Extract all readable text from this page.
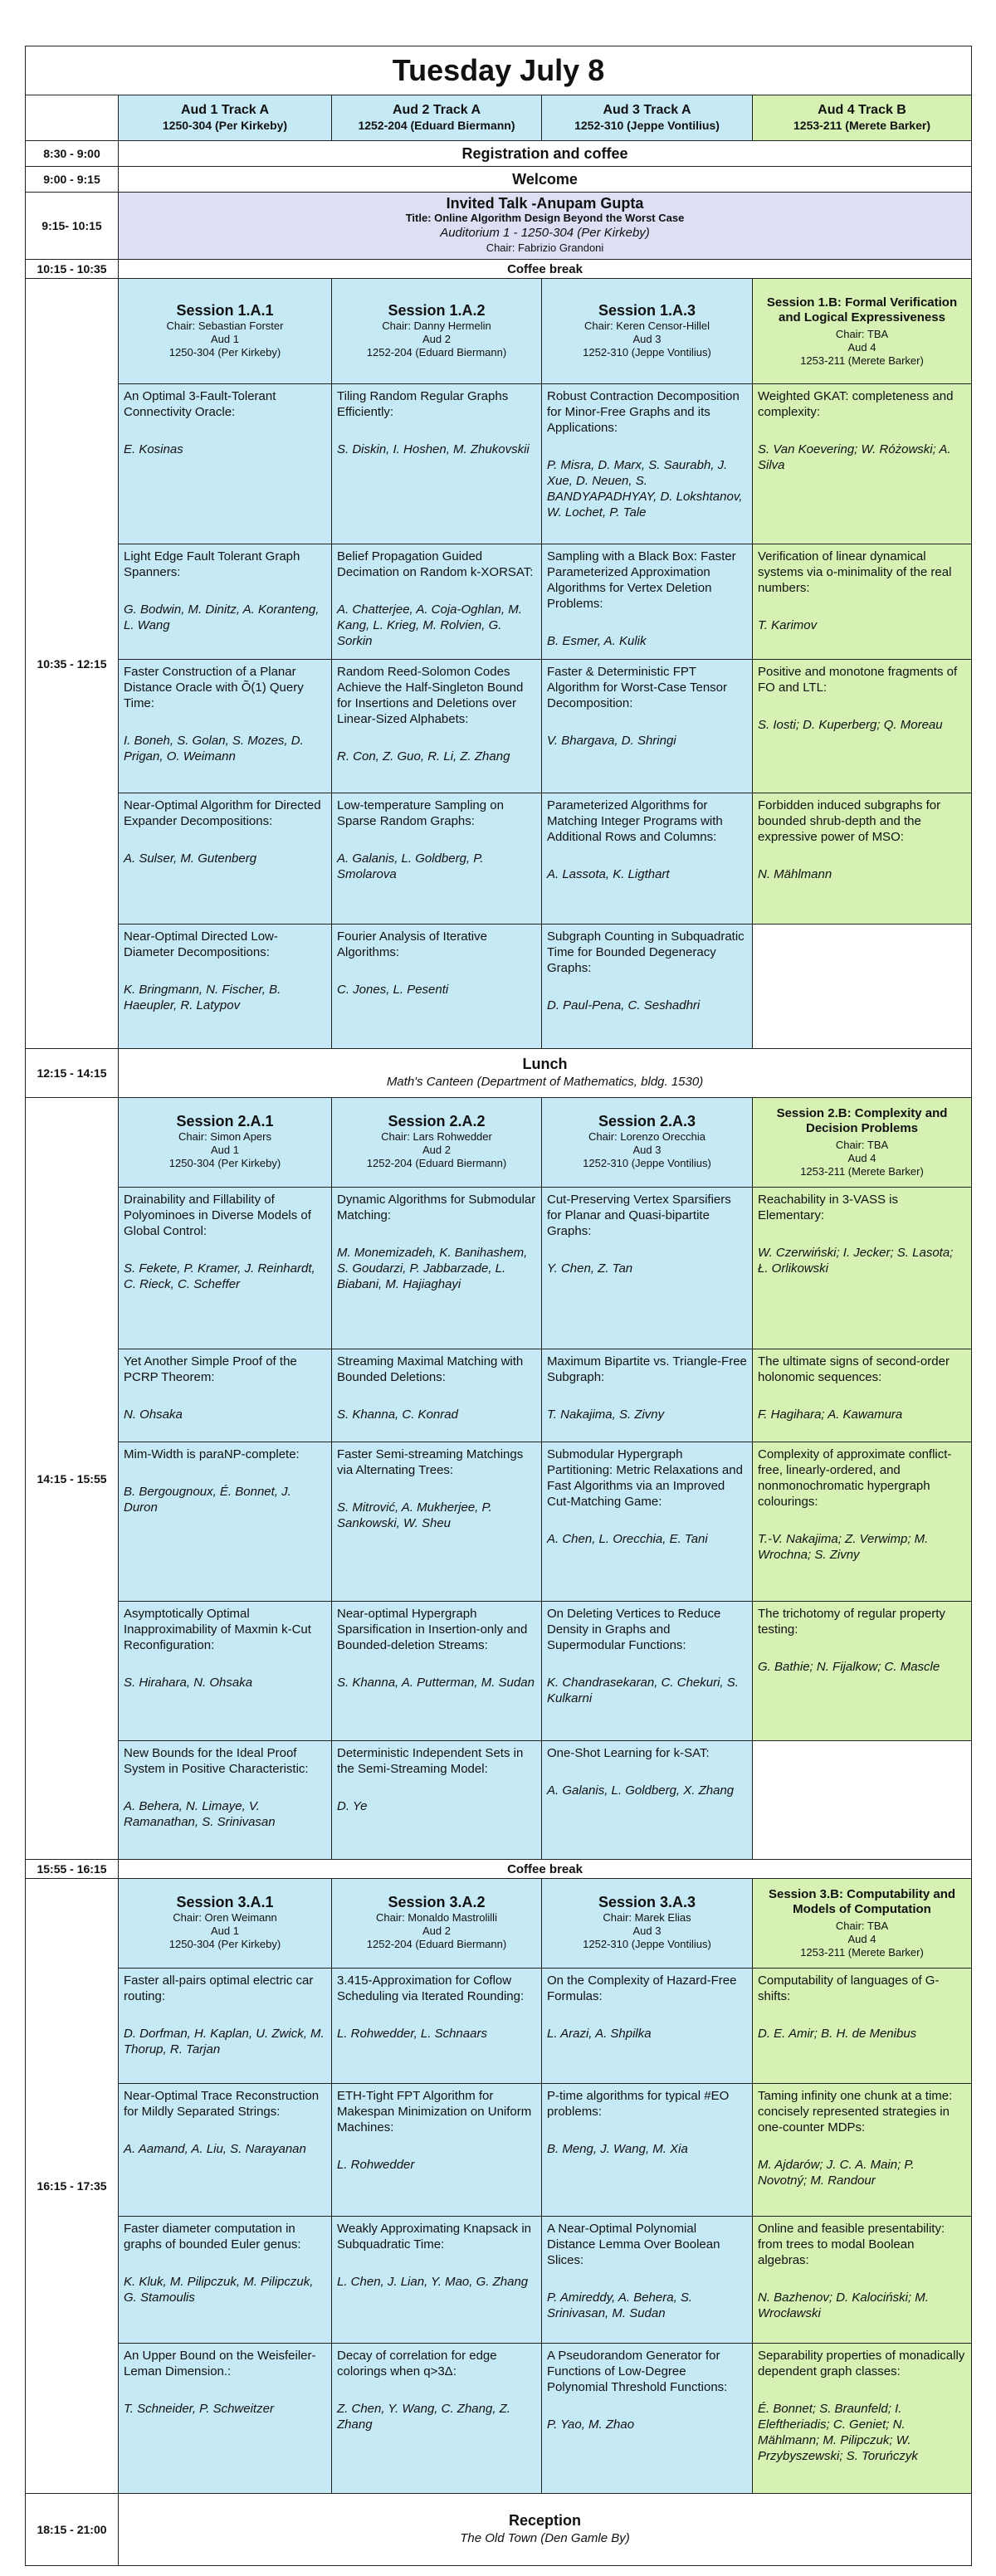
Tuesday July 8				
	Aud 1 Track A
1250-304 (Per Kirkeby)	Aud 2 Track A
1252-204 (Eduard Biermann)	Aud 3 Track A
1252-310 (Jeppe Vontilius)	Aud 4 Track B
1253-211 (Merete Barker)

8:30 - 9:00	Registration and coffee			
9:00 - 9:15	Welcome			
9:15- 10:15	Invited Talk -Anupam Gupta
Title: Online Algorithm Design Beyond the Worst Case
Auditorium 1 - 1250-304 (Per Kirkeby)
Chair: Fabrizio Grandoni			

10:15 - 10:35	Coffee break			
10:35 - 12:15	Session 1.A.1
Chair: Sebastian Forster
Aud 1
1250-304 (Per Kirkeby)	Session 1.A.2
Chair: Danny Hermelin
Aud 2
1252-204 (Eduard Biermann)	Session 1.A.3
Chair: Keren Censor-Hillel
Aud 3
1252-310 (Jeppe Vontilius)	Session 1.B: Formal Verification and Logical Expressiveness
Chair: TBA
Aud 4
1253-211 (Merete Barker)

	An Optimal 3-Fault-Tolerant Connectivity Oracle:
E. Kosinas	Tiling Random Regular Graphs Efficiently:
S. Diskin, I. Hoshen, M. Zhukovskii	Robust Contraction Decomposition for Minor-Free Graphs and its Applications:
P. Misra, D. Marx, S. Saurabh, J. Xue, D. Neuen, S. BANDYAPADHYAY, D. Lokshtanov, W. Lochet, P. Tale	Weighted GKAT: completeness and complexity:
S. Van Koevering; W. Różowski; A. Silva

	Light Edge Fault Tolerant Graph Spanners:
G. Bodwin, M. Dinitz, A. Koranteng, L. Wang	Belief Propagation Guided Decimation on Random k-XORSAT:
A. Chatterjee, A. Coja-Oghlan, M. Kang, L. Krieg, M. Rolvien, G. Sorkin	Sampling with a Black Box: Faster Parameterized Approximation Algorithms for Vertex Deletion Problems:
B. Esmer, A. Kulik	Verification of linear dynamical systems via o-minimality of the real numbers:
T. Karimov

	Faster Construction of a Planar Distance Oracle with Õ(1) Query Time:
I. Boneh, S. Golan, S. Mozes, D. Prigan, O. Weimann	Random Reed-Solomon Codes Achieve the Half-Singleton Bound for Insertions and Deletions over Linear-Sized Alphabets:
R. Con, Z. Guo, R. Li, Z. Zhang	Faster & Deterministic FPT Algorithm for Worst-Case Tensor Decomposition:
V. Bhargava, D. Shringi	Positive and monotone fragments of FO and LTL:
S. Iosti; D. Kuperberg; Q. Moreau

	Near-Optimal Algorithm for Directed Expander Decompositions:
A. Sulser, M. Gutenberg	Low-temperature Sampling on Sparse Random Graphs:
A. Galanis, L. Goldberg, P. Smolarova	Parameterized Algorithms for Matching Integer Programs with Additional Rows and Columns:
A. Lassota, K. Ligthart	Forbidden induced subgraphs for bounded shrub-depth and the expressive power of MSO:
N. Mählmann

	Near-Optimal Directed Low-Diameter Decompositions:
K. Bringmann, N. Fischer, B. Haeupler, R. Latypov	Fourier Analysis of Iterative Algorithms:
C. Jones, L. Pesenti	Subgraph Counting in Subquadratic Time for Bounded Degeneracy Graphs:
D. Paul-Pena, C. Seshadhri	

12:15 - 14:15	Lunch
Math's Canteen (Department of Mathematics, bldg. 1530)			

14:15 - 15:55	Session 2.A.1
Chair: Simon Apers
Aud 1
1250-304 (Per Kirkeby)	Session 2.A.2
Chair: Lars Rohwedder
Aud 2
1252-204 (Eduard Biermann)	Session 2.A.3
Chair: Lorenzo Orecchia
Aud 3
1252-310 (Jeppe Vontilius)	Session 2.B: Complexity and Decision Problems
Chair: TBA
Aud 4
1253-211 (Merete Barker)

	Drainability and Fillability of Polyominoes in Diverse Models of Global Control:
S. Fekete, P. Kramer, J. Reinhardt, C. Rieck, C. Scheffer	Dynamic Algorithms for Submodular Matching:
M. Monemizadeh, K. Banihashem, S. Goudarzi, P. Jabbarzade, L. Biabani, M. Hajiaghayi	Cut-Preserving Vertex Sparsifiers for Planar and Quasi-bipartite Graphs:
Y. Chen, Z. Tan	Reachability in 3-VASS is Elementary:
W. Czerwiński; I. Jecker; S. Lasota; Ł. Orlikowski

	Yet Another Simple Proof of the PCRP Theorem:
N. Ohsaka	Streaming Maximal Matching with Bounded Deletions:
S. Khanna, C. Konrad	Maximum Bipartite vs. Triangle-Free Subgraph:
T. Nakajima, S. Zivny	The ultimate signs of second-order holonomic sequences:
F. Hagihara; A. Kawamura

	Mim-Width is paraNP-complete:
B. Bergougnoux, É. Bonnet, J. Duron	Faster Semi-streaming Matchings via Alternating Trees:
S. Mitrović, A. Mukherjee, P. Sankowski, W. Sheu	Submodular Hypergraph Partitioning: Metric Relaxations and Fast Algorithms via an Improved Cut-Matching Game:
A. Chen, L. Orecchia, E. Tani	Complexity of approximate conflict-free, linearly-ordered, and nonmonochromatic hypergraph colourings:
T.-V. Nakajima; Z. Verwimp; M. Wrochna; S. Zivny

	Asymptotically Optimal Inapproximability of Maxmin k-Cut Reconfiguration:
S. Hirahara, N. Ohsaka	Near-optimal Hypergraph Sparsification in Insertion-only and Bounded-deletion Streams:
S. Khanna, A. Putterman, M. Sudan	On Deleting Vertices to Reduce Density in Graphs and Supermodular Functions:
K. Chandrasekaran, C. Chekuri, S. Kulkarni	The trichotomy of regular property testing:
G. Bathie; N. Fijalkow; C. Mascle

	New Bounds for the Ideal Proof System in Positive Characteristic:
A. Behera, N. Limaye, V. Ramanathan, S. Srinivasan	Deterministic Independent Sets in the Semi-Streaming Model:
D. Ye	One-Shot Learning for k-SAT:
A. Galanis, L. Goldberg, X. Zhang	

15:55 - 16:15	Coffee break			
16:15 - 17:35	Session 3.A.1
Chair: Oren Weimann
Aud 1
1250-304 (Per Kirkeby)	Session 3.A.2
Chair: Monaldo Mastrolilli
Aud 2
1252-204 (Eduard Biermann)	Session 3.A.3
Chair: Marek Elias
Aud 3
1252-310 (Jeppe Vontilius)	Session 3.B: Computability and Models of Computation
Chair: TBA
Aud 4
1253-211 (Merete Barker)

	Faster all-pairs optimal electric car routing:
D. Dorfman, H. Kaplan, U. Zwick, M. Thorup, R. Tarjan	3.415-Approximation for Coflow Scheduling via Iterated Rounding:
L. Rohwedder, L. Schnaars	On the Complexity of Hazard-Free Formulas:
L. Arazi, A. Shpilka	Computability of languages of G-shifts:
D. E. Amir; B. H. de Menibus

	Near-Optimal Trace Reconstruction for Mildly Separated Strings:
A. Aamand, A. Liu, S. Narayanan	ETH-Tight FPT Algorithm for Makespan Minimization on Uniform Machines:
L. Rohwedder	P-time algorithms for typical #EO problems:
B. Meng, J. Wang, M. Xia	Taming infinity one chunk at a time: concisely represented strategies in one-counter MDPs:
M. Ajdarów; J. C. A. Main; P. Novotný; M. Randour

	Faster diameter computation in graphs of bounded Euler genus:
K. Kluk, M. Pilipczuk, M. Pilipczuk, G. Stamoulis	Weakly Approximating Knapsack in Subquadratic Time:
L. Chen, J. Lian, Y. Mao, G. Zhang	A Near-Optimal Polynomial Distance Lemma Over Boolean Slices:
P. Amireddy, A. Behera, S. Srinivasan, M. Sudan	Online and feasible presentability: from trees to modal Boolean algebras:
N. Bazhenov; D. Kalociński; M. Wrocławski

	An Upper Bound on the Weisfeiler-Leman Dimension.:
T. Schneider, P. Schweitzer	Decay of correlation for edge colorings when q>3Δ:
Z. Chen, Y. Wang, C. Zhang, Z. Zhang	A Pseudorandom Generator for Functions of Low-Degree Polynomial Threshold Functions:
P. Yao, M. Zhao	Separability properties of monadically dependent graph classes:
É. Bonnet; S. Braunfeld; I. Eleftheriadis; C. Geniet; N. Mählmann; M. Pilipczuk; W. Przybyszewski; S. Toruńczyk

18:15 - 21:00	Reception
The Old Town (Den Gamle By)			
